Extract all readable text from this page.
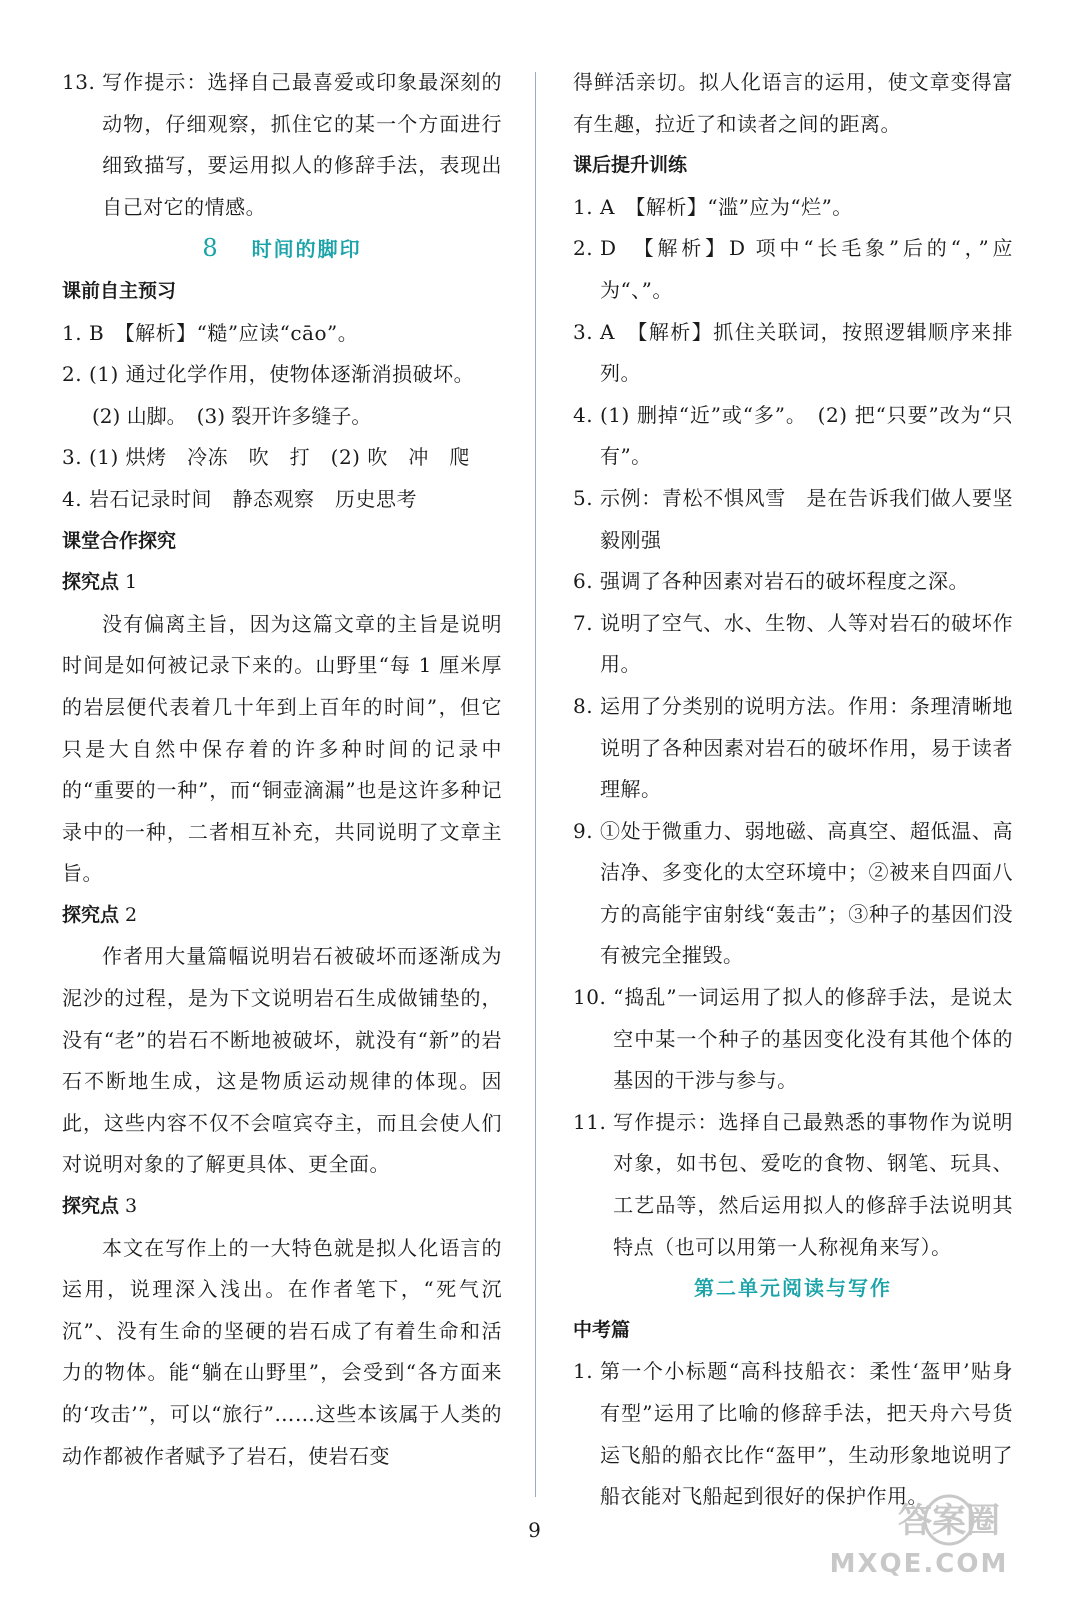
13. 写作提示：选择自己最喜爱或印象最深刻的动物，仔细观察，抓住它的某一个方面进行细致描写，要运用拟人的修辞手法，表现出自己对它的情感。

8 时间的脚印

课前自主预习

1. B　【解析】“糙”应读“cāo”。
2. (1) 通过化学作用，使物体逐渐消损破坏。

(2) 山脚。　(3) 裂开许多缝子。

3. (1) 烘烤　冷冻　吹　打　(2) 吹　冲　爬
4. 岩石记录时间　静态观察　历史思考

课堂合作探究

探究点 1

没有偏离主旨，因为这篇文章的主旨是说明时间是如何被记录下来的。山野里“每 1 厘米厚的岩层便代表着几十年到上百年的时间”，但它只是大自然中保存着的许多种时间的记录中的“重要的一种”，而“铜壶滴漏”也是这许多种记录中的一种，二者相互补充，共同说明了文章主旨。

探究点 2

作者用大量篇幅说明岩石被破坏而逐渐成为泥沙的过程，是为下文说明岩石生成做铺垫的，没有“老”的岩石不断地被破坏，就没有“新”的岩石不断地生成，这是物质运动规律的体现。因此，这些内容不仅不会喧宾夺主，而且会使人们对说明对象的了解更具体、更全面。

探究点 3

本文在写作上的一大特色就是拟人化语言的运用，说理深入浅出。在作者笔下，“死气沉沉”、没有生命的坚硬的岩石成了有着生命和活力的物体。能“躺在山野里”，会受到“各方面来的‘攻击’”，可以“旅行”……这些本该属于人类的动作都被作者赋予了岩石，使岩石变

得鲜活亲切。拟人化语言的运用，使文章变得富有生趣，拉近了和读者之间的距离。

课后提升训练

1. A　【解析】“滥”应为“烂”。
2. D　【解析】D 项中“长毛象”后的“，”应为“、”。
3. A　【解析】抓住关联词，按照逻辑顺序来排列。
4. (1) 删掉“近”或“多”。　(2) 把“只要”改为“只有”。
5. 示例：青松不惧风雪　是在告诉我们做人要坚毅刚强
6. 强调了各种因素对岩石的破坏程度之深。
7. 说明了空气、水、生物、人等对岩石的破坏作用。
8. 运用了分类别的说明方法。作用：条理清晰地说明了各种因素对岩石的破坏作用，易于读者理解。
9. ①处于微重力、弱地磁、高真空、超低温、高洁净、多变化的太空环境中；②被来自四面八方的高能宇宙射线“轰击”；③种子的基因们没有被完全摧毁。
10. “捣乱”一词运用了拟人的修辞手法，是说太空中某一个种子的基因变化没有其他个体的基因的干涉与参与。
11. 写作提示：选择自己最熟悉的事物作为说明对象，如书包、爱吃的食物、钢笔、玩具、工艺品等，然后运用拟人的修辞手法说明其特点（也可以用第一人称视角来写）。

第二单元阅读与写作

中考篇

1. 第一个小标题“高科技船衣：柔性‘盔甲’贴身有型”运用了比喻的修辞手法，把天舟六号货运飞船的船衣比作“盔甲”，生动形象地说明了船衣能对飞船起到很好的保护作用。
9	答案圈
MXQE.COM
